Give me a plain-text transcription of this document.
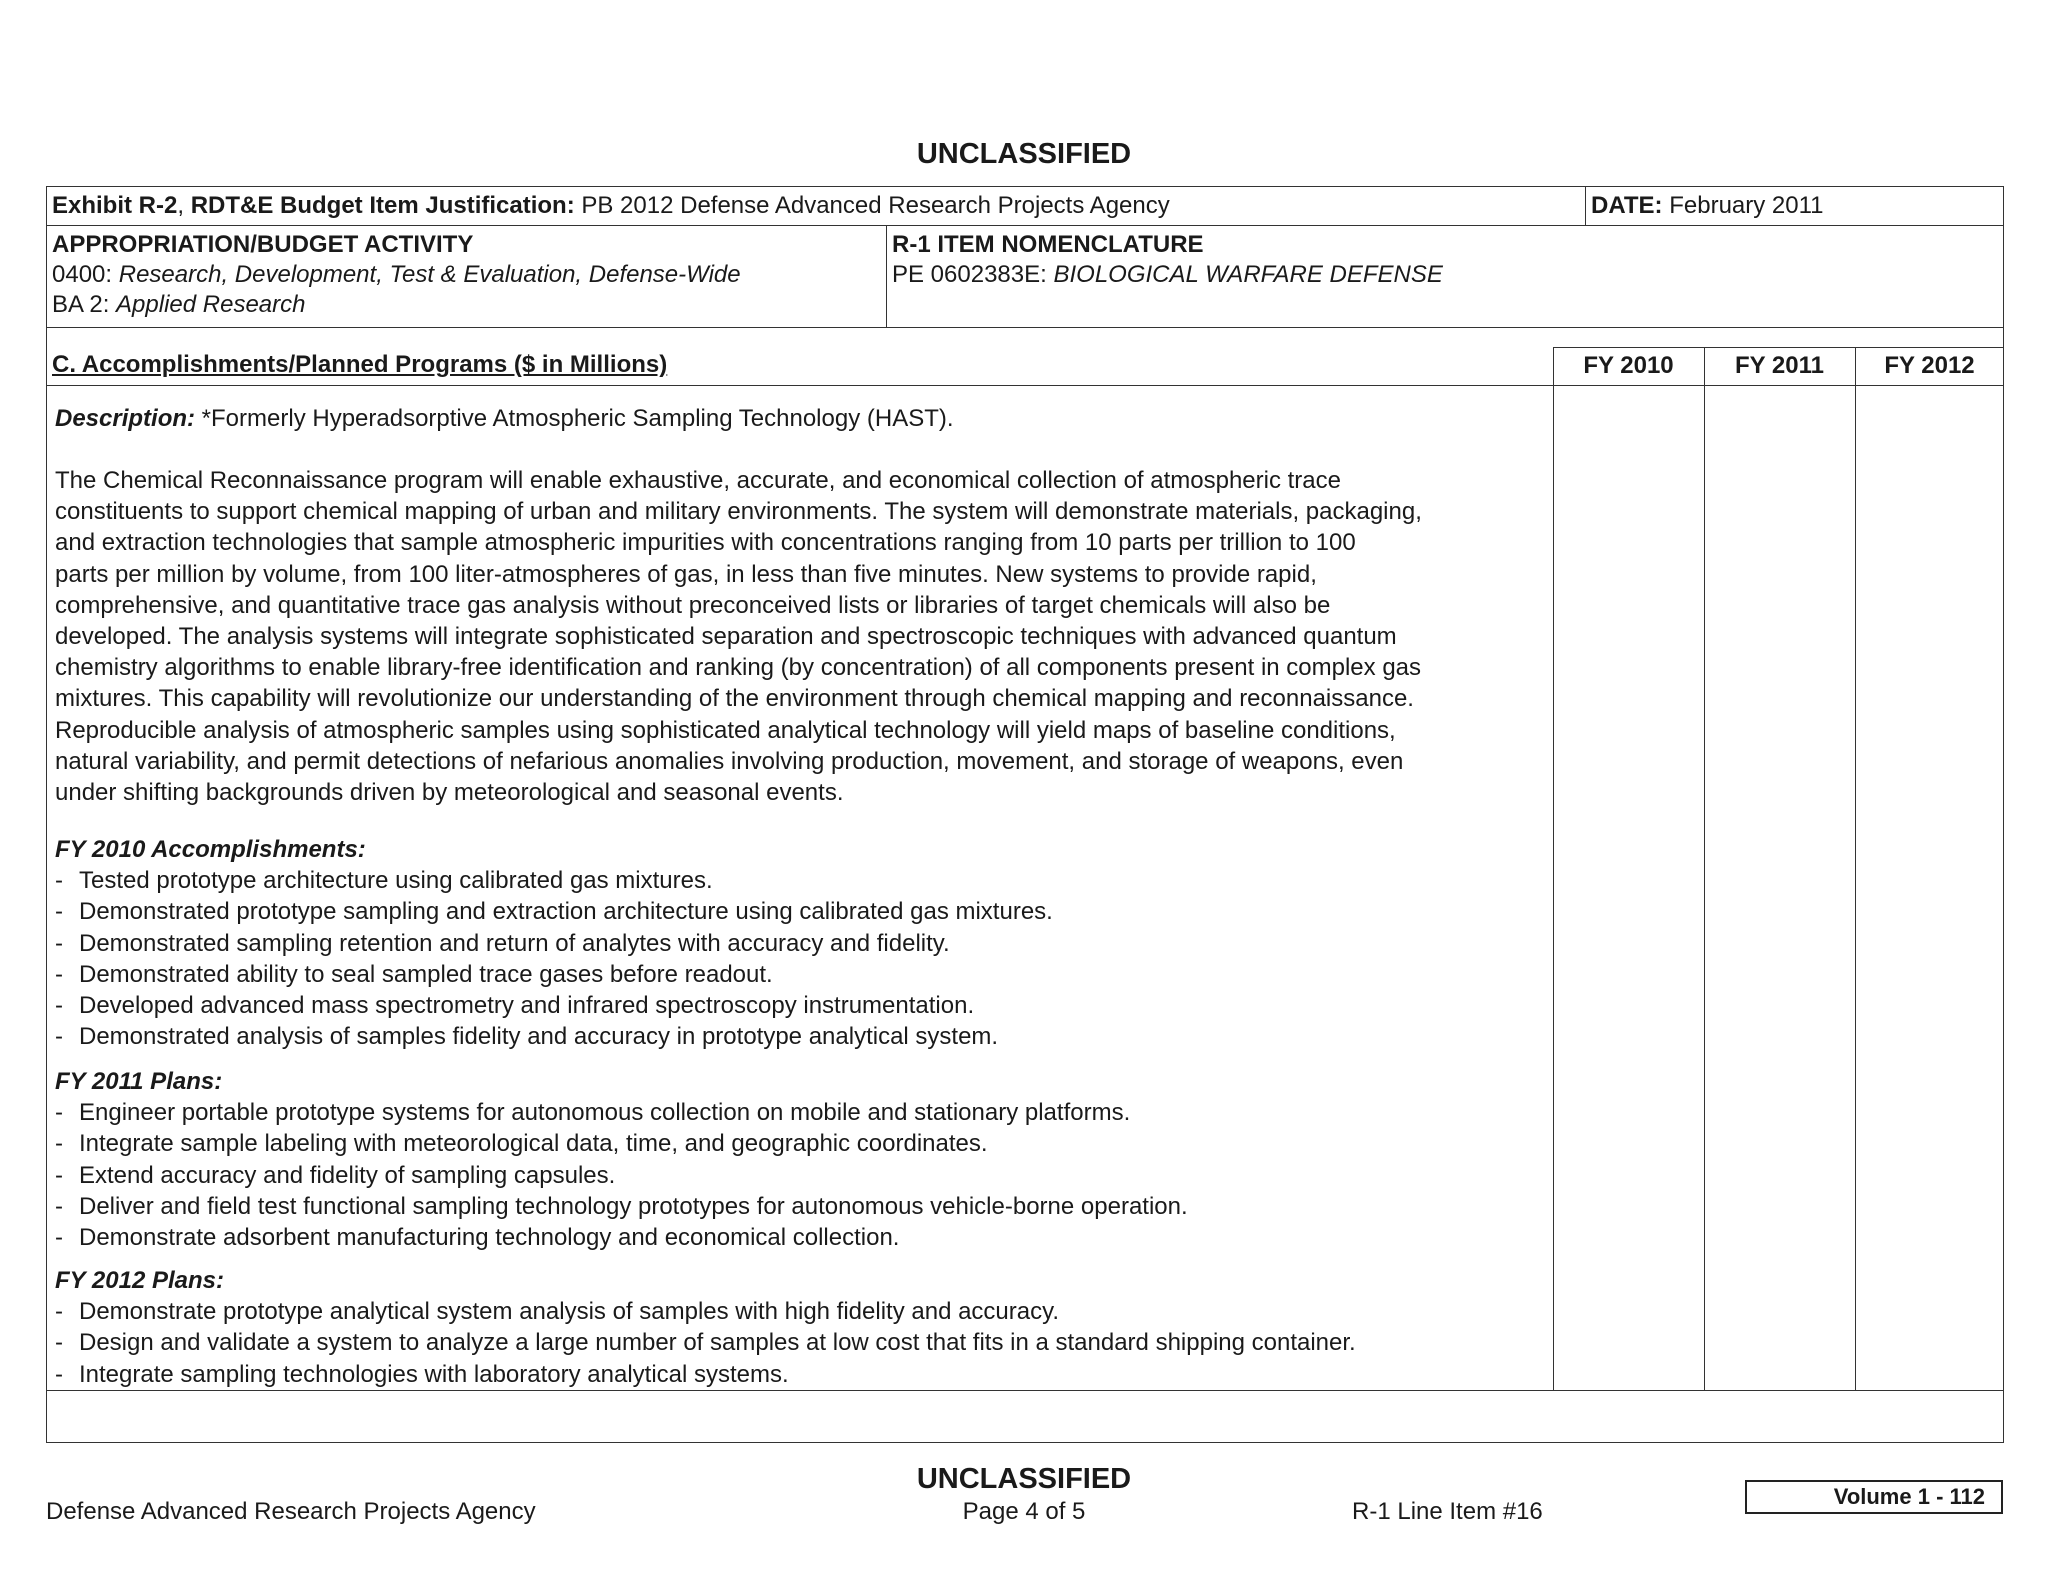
UNCLASSIFIED
Exhibit R-2, RDT&E Budget Item Justification: PB 2012 Defense Advanced Research Projects Agency	DATE: February 2011
APPROPRIATION/BUDGET ACTIVITY
0400: Research, Development, Test & Evaluation, Defense-Wide
BA 2: Applied Research
R-1 ITEM NOMENCLATURE
PE 0602383E: BIOLOGICAL WARFARE DEFENSE
C. Accomplishments/Planned Programs ($ in Millions)	FY 2010	FY 2011	FY 2012
Description: *Formerly Hyperadsorptive Atmospheric Sampling Technology (HAST).
The Chemical Reconnaissance program will enable exhaustive, accurate, and economical collection of atmospheric trace
constituents to support chemical mapping of urban and military environments. The system will demonstrate materials, packaging,
and extraction technologies that sample atmospheric impurities with concentrations ranging from 10 parts per trillion to 100
parts per million by volume, from 100 liter-atmospheres of gas, in less than five minutes. New systems to provide rapid,
comprehensive, and quantitative trace gas analysis without preconceived lists or libraries of target chemicals will also be
developed. The analysis systems will integrate sophisticated separation and spectroscopic techniques with advanced quantum
chemistry algorithms to enable library-free identification and ranking (by concentration) of all components present in complex gas
mixtures. This capability will revolutionize our understanding of the environment through chemical mapping and reconnaissance.
Reproducible analysis of atmospheric samples using sophisticated analytical technology will yield maps of baseline conditions,
natural variability, and permit detections of nefarious anomalies involving production, movement, and storage of weapons, even
under shifting backgrounds driven by meteorological and seasonal events.
FY 2010 Accomplishments:
- Tested prototype architecture using calibrated gas mixtures.
- Demonstrated prototype sampling and extraction architecture using calibrated gas mixtures.
- Demonstrated sampling retention and return of analytes with accuracy and fidelity.
- Demonstrated ability to seal sampled trace gases before readout.
- Developed advanced mass spectrometry and infrared spectroscopy instrumentation.
- Demonstrated analysis of samples fidelity and accuracy in prototype analytical system.
FY 2011 Plans:
- Engineer portable prototype systems for autonomous collection on mobile and stationary platforms.
- Integrate sample labeling with meteorological data, time, and geographic coordinates.
- Extend accuracy and fidelity of sampling capsules.
- Deliver and field test functional sampling technology prototypes for autonomous vehicle-borne operation.
- Demonstrate adsorbent manufacturing technology and economical collection.
FY 2012 Plans:
- Demonstrate prototype analytical system analysis of samples with high fidelity and accuracy.
- Design and validate a system to analyze a large number of samples at low cost that fits in a standard shipping container.
- Integrate sampling technologies with laboratory analytical systems.
UNCLASSIFIED
Defense Advanced Research Projects Agency	Page 4 of 5	R-1 Line Item #16
Volume 1 - 112
